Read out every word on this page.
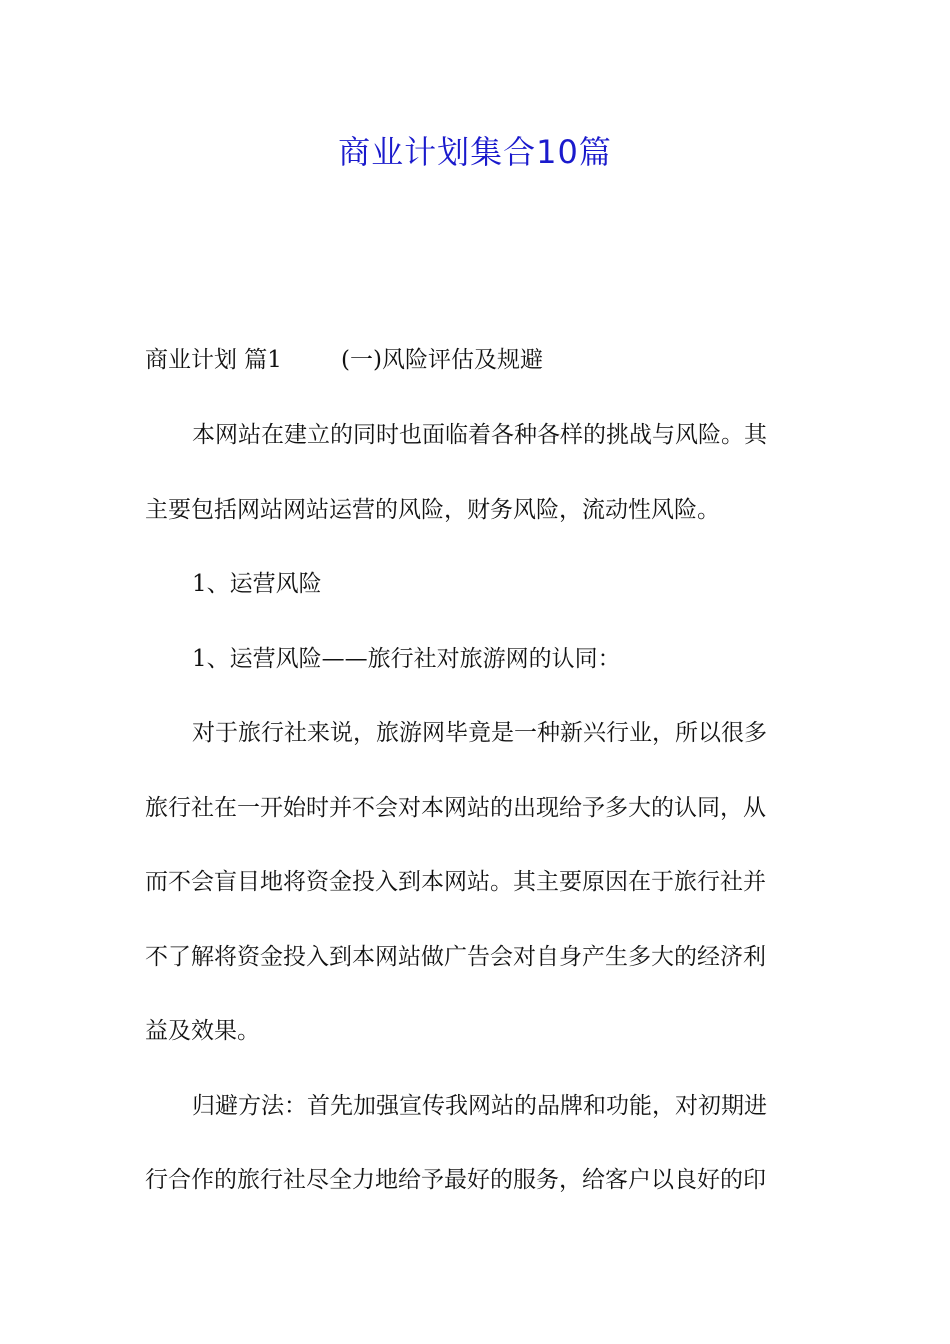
商业计划集合10篇
商业计划 篇1	(一)风险评估及规避
本网站在建立的同时也面临着各种各样的挑战与风险。其
主要包括网站网站运营的风险，财务风险，流动性风险。
1、运营风险
1、运营风险——旅行社对旅游网的认同：
对于旅行社来说，旅游网毕竟是一种新兴行业，所以很多
旅行社在一开始时并不会对本网站的出现给予多大的认同，从
而不会盲目地将资金投入到本网站。其主要原因在于旅行社并
不了解将资金投入到本网站做广告会对自身产生多大的经济利
益及效果。
归避方法：首先加强宣传我网站的品牌和功能，对初期进
行合作的旅行社尽全力地给予最好的服务，给客户以良好的印
